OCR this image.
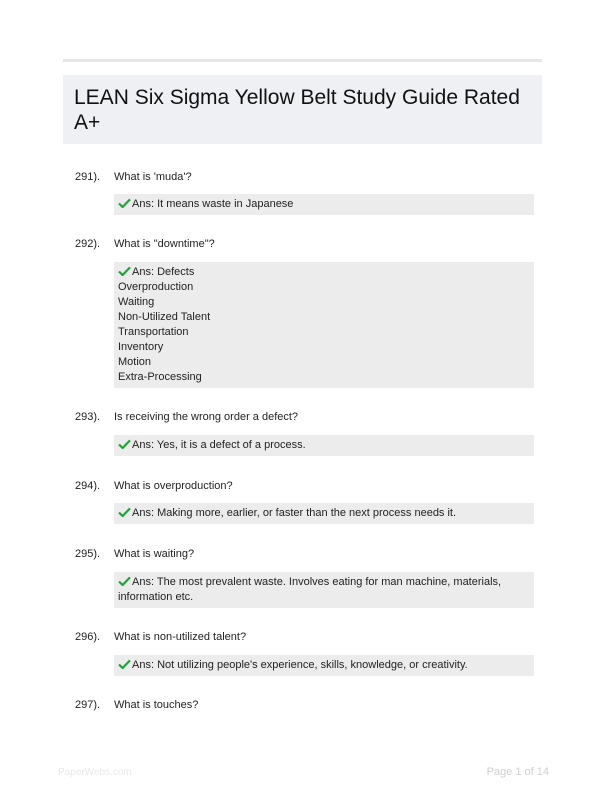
LEAN Six Sigma Yellow Belt Study Guide Rated A+
291). What is 'muda'?
Ans: It means waste in Japanese
292). What is "downtime"?
Ans: Defects
Overproduction
Waiting
Non-Utilized Talent
Transportation
Inventory
Motion
Extra-Processing
293). Is receiving the wrong order a defect?
Ans: Yes, it is a defect of a process.
294). What is overproduction?
Ans: Making more, earlier, or faster than the next process needs it.
295). What is waiting?
Ans: The most prevalent waste. Involves eating for man machine, materials,
information etc.
296). What is non-utilized talent?
Ans: Not utilizing people's experience, skills, knowledge, or creativity.
297). What is touches?
PaperWebs.com	Page 1 of 14
